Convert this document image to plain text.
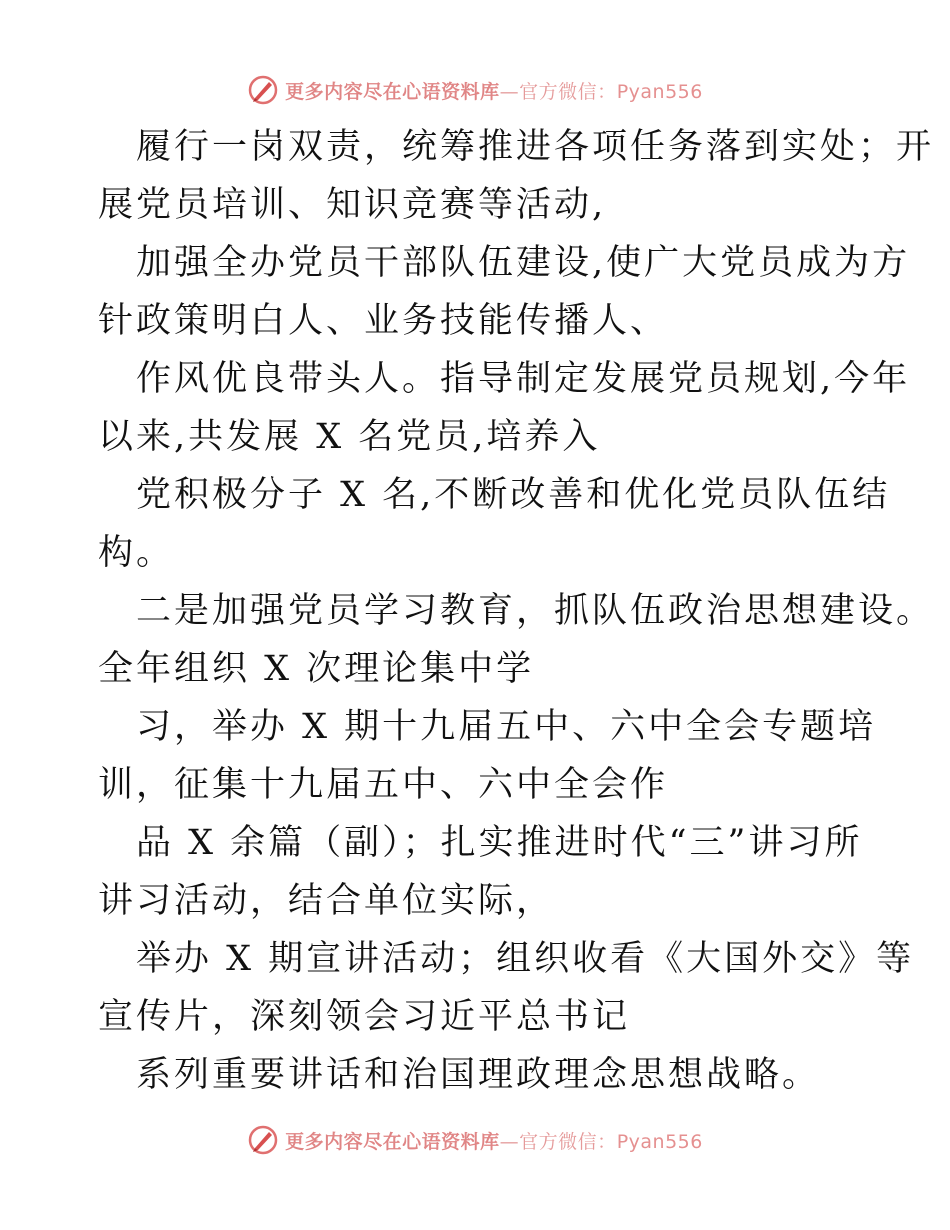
更多内容尽在心语资料库—官方微信：Pyan556
履行一岗双责，统筹推进各项任务落到实处；开
展党员培训、知识竞赛等活动,
加强全办党员干部队伍建设,使广大党员成为方
针政策明白人、业务技能传播人、
作风优良带头人。指导制定发展党员规划,今年
以来,共发展 X 名党员,培养入
党积极分子 X 名,不断改善和优化党员队伍结
构。
二是加强党员学习教育，抓队伍政治思想建设。
全年组织 X 次理论集中学
习，举办 X 期十九届五中、六中全会专题培
训，征集十九届五中、六中全会作
品 X 余篇（副）；扎实推进时代“三”讲习所
讲习活动，结合单位实际，
举办 X 期宣讲活动；组织收看《大国外交》等
宣传片，深刻领会习近平总书记
系列重要讲话和治国理政理念思想战略。
更多内容尽在心语资料库—官方微信：Pyan556
